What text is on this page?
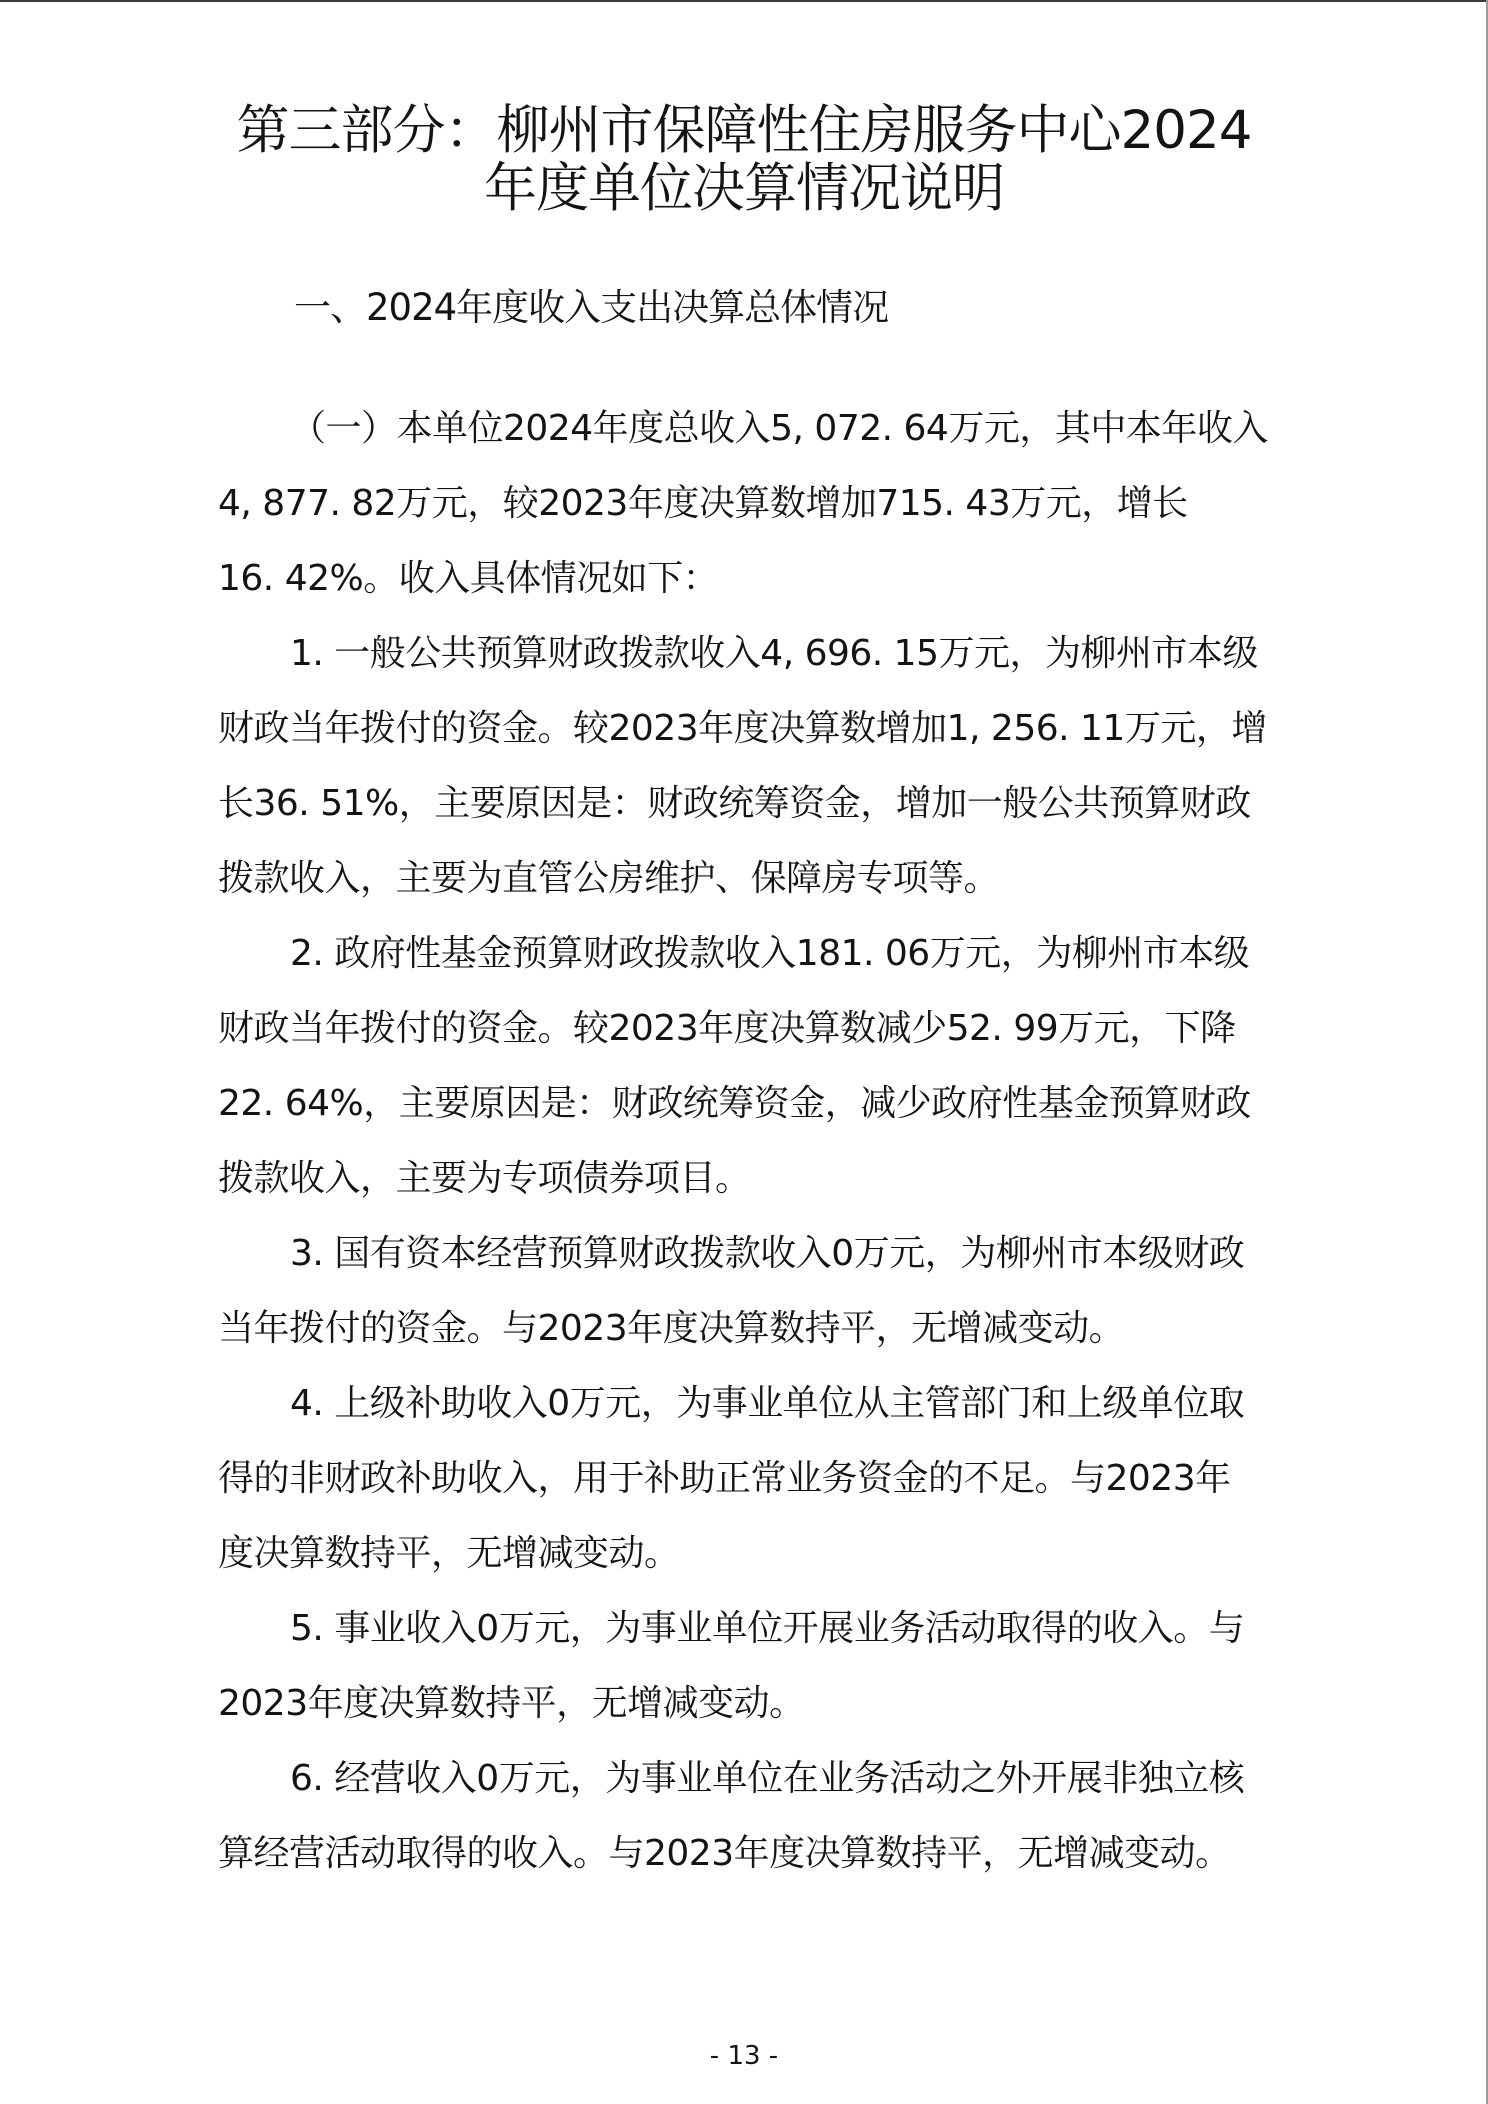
第三部分：柳州市保障性住房服务中心2024
年度单位决算情况说明
一、2024年度收入支出决算总体情况

（一）本单位2024年度总收入5, 072. 64万元，其中本年收入
4, 877. 82万元，较2023年度决算数增加715. 43万元，增长
16. 42%。收入具体情况如下：

1. 一般公共预算财政拨款收入4, 696. 15万元，为柳州市本级
财政当年拨付的资金。较2023年度决算数增加1, 256. 11万元，增
长36. 51%，主要原因是：财政统筹资金，增加一般公共预算财政
拨款收入，主要为直管公房维护、保障房专项等。

2. 政府性基金预算财政拨款收入181. 06万元，为柳州市本级
财政当年拨付的资金。较2023年度决算数减少52. 99万元，下降
22. 64%，主要原因是：财政统筹资金，减少政府性基金预算财政
拨款收入，主要为专项债券项目。

3. 国有资本经营预算财政拨款收入0万元，为柳州市本级财政
当年拨付的资金。与2023年度决算数持平，无增减变动。

4. 上级补助收入0万元，为事业单位从主管部门和上级单位取
得的非财政补助收入，用于补助正常业务资金的不足。与2023年
度决算数持平，无增减变动。

5. 事业收入0万元，为事业单位开展业务活动取得的收入。与
2023年度决算数持平，无增减变动。

6. 经营收入0万元，为事业单位在业务活动之外开展非独立核
算经营活动取得的收入。与2023年度决算数持平，无增减变动。

- 13 -
